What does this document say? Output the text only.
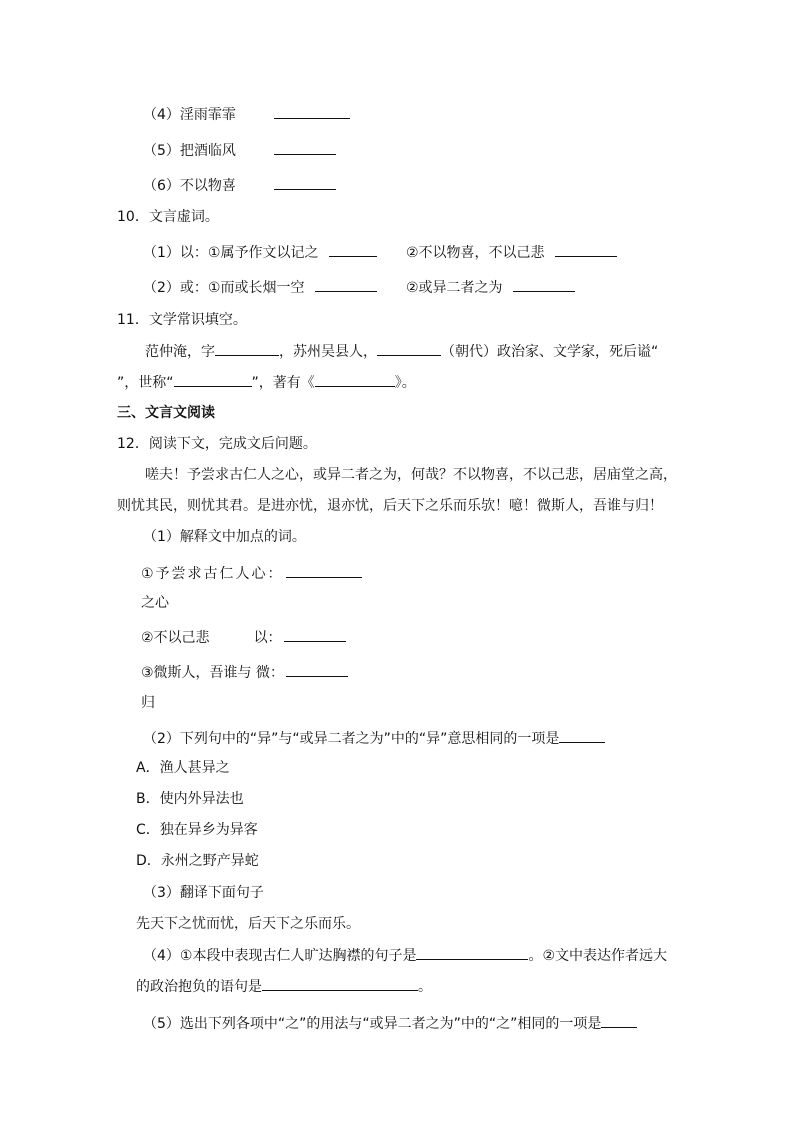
（4）淫雨霏霏
（5）把酒临风
（6）不以物喜
10．文言虚词。
（1）以：①属予作文以记之	②不以物喜，不以己悲
（2）或：①而或长烟一空	②或异二者之为
11．文学常识填空。
范仲淹，字	，苏州吴县人，	（朝代）政治家、文学家，死后谥“
”，世称“	”，著有《	》。
三、文言文阅读
12．阅读下文，完成文后问题。
嗟夫！予尝求古仁人之心，或异二者之为，何哉？不以物喜，不以己悲，居庙堂之高，
则忧其民，则忧其君。是进亦忧，退亦忧，后天下之乐而乐欤！噫！微斯人，吾谁与归！
（1）解释文中加点的词。
①予尝求古仁人心：
之心
②不以己悲	以：
③微斯人，吾谁与 微：
归
（2）下列句中的“异”与“或异二者之为”中的“异”意思相同的一项是
A．渔人甚异之
B．使内外异法也
C．独在异乡为异客
D．永州之野产异蛇
（3）翻译下面句子
先天下之忧而忧，后天下之乐而乐。
（4）①本段中表现古仁人旷达胸襟的句子是	。②文中表达作者远大
的政治抱负的语句是	。
（5）选出下列各项中“之”的用法与“或异二者之为”中的“之”相同的一项是
